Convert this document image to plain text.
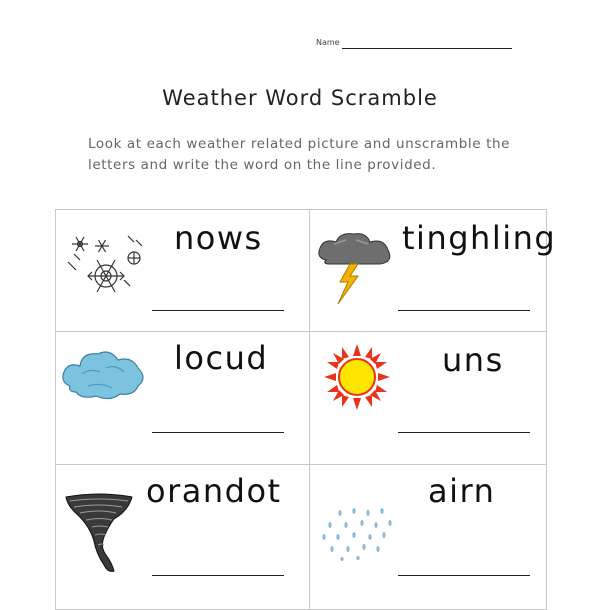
Name
Weather Word Scramble

Look at each weather related picture and unscramble the letters and write the word on the line provided.

nows	tinghling
locud	uns
orandot	airn
